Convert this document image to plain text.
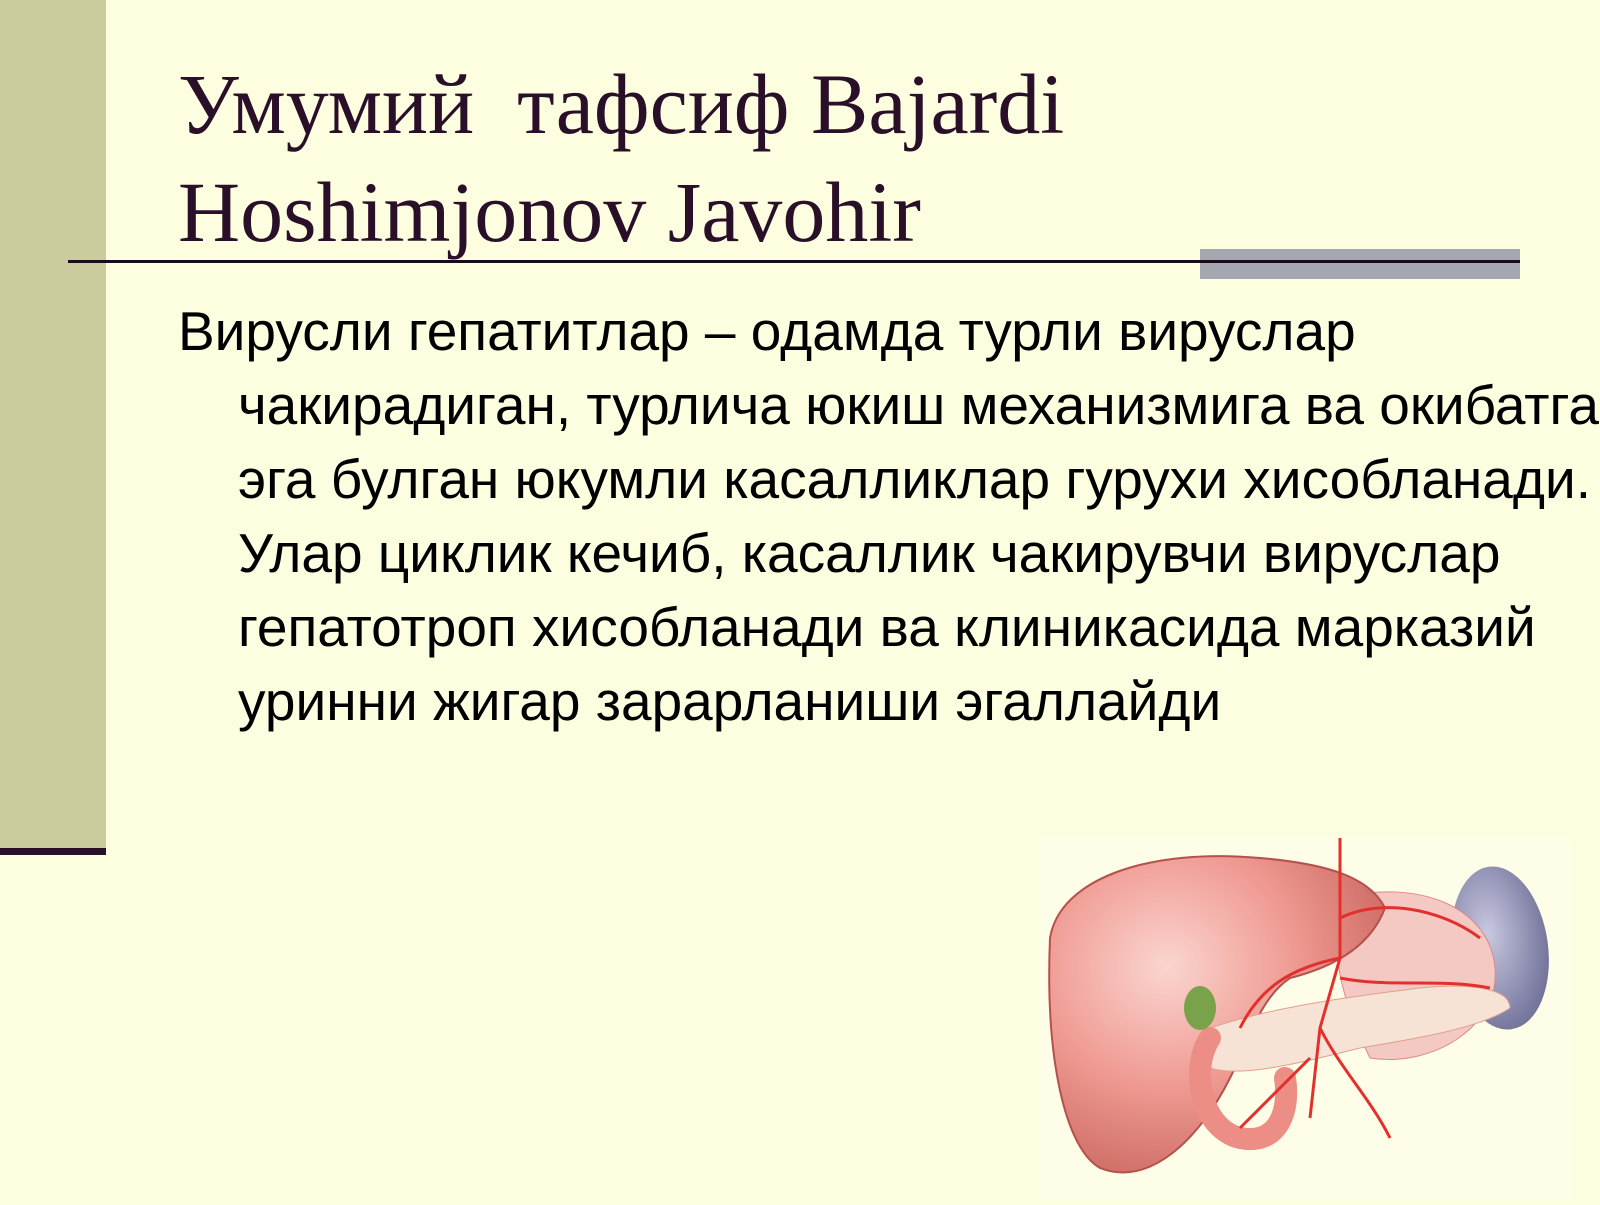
Умумий  тафсиф Bajardi
Hoshimjonov Javohir

Вирусли гепатитлар – одамда турли вируслар чакирадиган, турлича юкиш механизмига ва окибатга эга булган юкумли касалликлар гурухи хисобланади. Улар циклик кечиб, касаллик чакирувчи вируслар гепатотроп хисобланади ва клиникасида марказий уринни жигар зарарланиши эгаллайди
